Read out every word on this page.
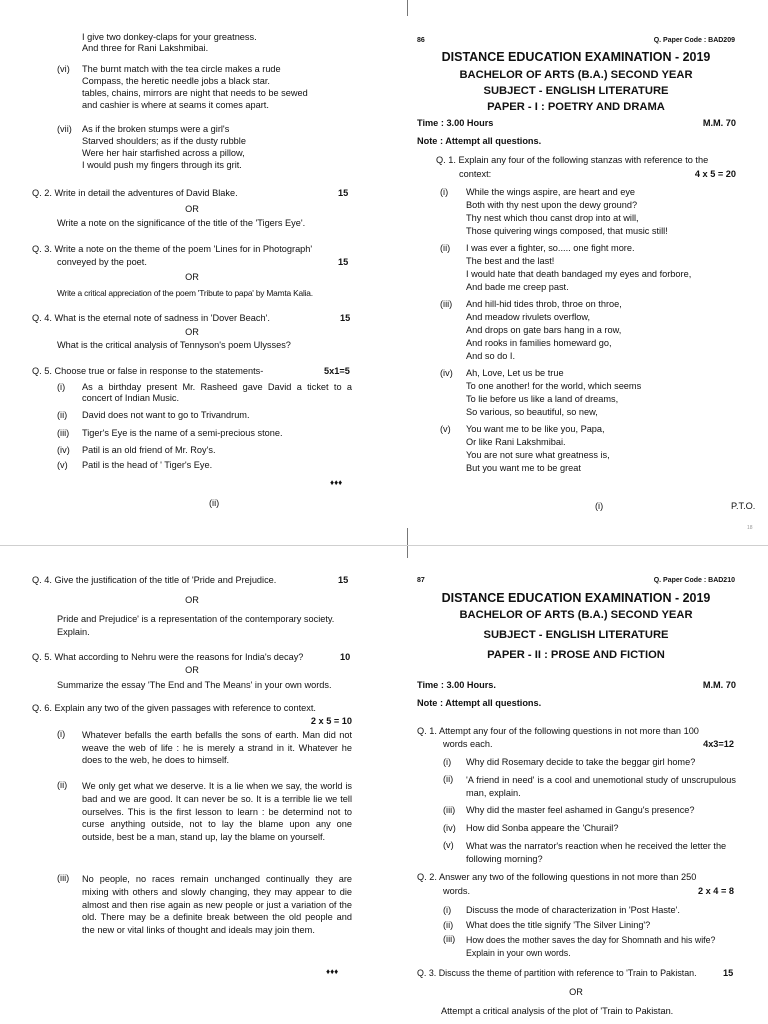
I give two donkey-claps for your greatness.
And three for Rani Lakshmibai.
(vi) The burnt match with the tea circle makes a rude
Compass, the heretic needle jobs a black star.
tables, chains, mirrors are night that needs to be sewed
and cashier is where at seams it comes apart.
(vii) As if the broken stumps were a girl's
Starved shoulders; as if the dusty rubble
Were her hair starfished across a pillow,
I would push my fingers through its grit.
Q. 2. Write in detail the adventures of David Blake.	15
OR
Write a note on the significance of the title of the 'Tigers Eye'.
Q. 3. Write a note on the theme of the poem 'Lines for in Photograph'
conveyed by the poet.	15
OR
Write a critical appreciation of the poem 'Tribute to papa' by Mamta Kalia.
Q. 4. What is the eternal note of sadness in 'Dover Beach'.	15
OR
What is the critical analysis of Tennyson's poem Ulysses?
Q. 5. Choose true or false in response to the statements-	5x1=5
(i) As a birthday present Mr. Rasheed gave David a ticket to a concert of Indian Music.
(ii) David does not want to go to Trivandrum.
(iii) Tiger's Eye is the name of a semi-precious stone.
(iv) Patil is an old friend of Mr. Roy's.
(v) Patil is the head of ' Tiger's Eye.
♦♦♦
(ii)
86	Q. Paper Code : BAD209
DISTANCE EDUCATION EXAMINATION - 2019
BACHELOR OF ARTS (B.A.) SECOND YEAR
SUBJECT - ENGLISH LITERATURE
PAPER - I : POETRY AND DRAMA
Time : 3.00 Hours	M.M. 70
Note : Attempt all questions.
Q. 1. Explain any four of the following stanzas with reference to the
context:	4 x 5 = 20
(i) While the wings aspire, are heart and eye
Both with thy nest upon the dewy ground?
Thy nest which thou canst drop into at will,
Those quivering wings composed, that music still!
(ii) I was ever a fighter, so..... one fight more.
The best and the last!
I would hate that death bandaged my eyes and forbore,
And bade me creep past.
(iii) And hill-hid tides throb, throe on throe,
And meadow rivulets overflow,
And drops on gate bars hang in a row,
And rooks in families homeward go,
And so do I.
(iv) Ah, Love, Let us be true
To one another! for the world, which seems
To lie before us like a land of dreams,
So various, so beautiful, so new,
(v) You want me to be like you, Papa,
Or like Rani Lakshmibai.
You are not sure what greatness is,
But you want me to be great
(i)	P.T.O.
18
Q. 4. Give the justification of the title of 'Pride and Prejudice.	15
OR
Pride and Prejudice' is a representation of the contemporary society.
Explain.
Q. 5. What according to Nehru were the reasons for India's decay?	10
OR
Summarize the essay 'The End and The Means' in your own words.
Q. 6. Explain any two of the given passages with reference to context.
2 x 5 = 10
(i) Whatever befalls the earth befalls the sons of earth. Man did not weave the web of life : he is merely a strand in it. Whatever he does to the web, he does to himself.
(ii) We only get what we deserve. It is a lie when we say, the world is bad and we are good. It can never be so. It is a terrible lie we tell ourselves. This is the first lesson to learn : be determind not to curse anything outside, not to lay the blame upon any one outside, best be a man, stand up, lay the blame on yourself.
(iii) No people, no races remain unchanged continually they are mixing with others and slowly changing, they may appear to die almost and then rise again as new people or just a variation of the old. There may be a definite break between the old people and the new or vital links of thought and ideals may join them.
♦♦♦
87	Q. Paper Code : BAD210
DISTANCE EDUCATION EXAMINATION - 2019
BACHELOR OF ARTS (B.A.) SECOND YEAR
SUBJECT - ENGLISH LITERATURE
PAPER - II : PROSE AND FICTION
Time : 3.00 Hours.	M.M. 70
Note : Attempt all questions.
Q. 1. Attempt any four of the following questions in not more than 100
words each.	4x3=12
(i) Why did Rosemary decide to take the beggar girl home?
(ii) 'A friend in need' is a cool and unemotional study of unscrupulous man, explain.
(iii) Why did the master feel ashamed in Gangu's presence?
(iv) How did Sonba appeare the 'Churail?
(v) What was the narrator's reaction when he received the letter the following morning?
Q. 2. Answer any two of the following questions in not more than 250
words.	2 x 4 = 8
(i) Discuss the mode of characterization in 'Post Haste'.
(ii) What does the title signify 'The Silver Lining'?
(iii) How does the mother saves the day for Shomnath and his wife? Explain in your own words.
Q. 3. Discuss the theme of partition with reference to 'Train to Pakistan.	15
OR
Attempt a critical analysis of the plot of 'Train to Pakistan.
